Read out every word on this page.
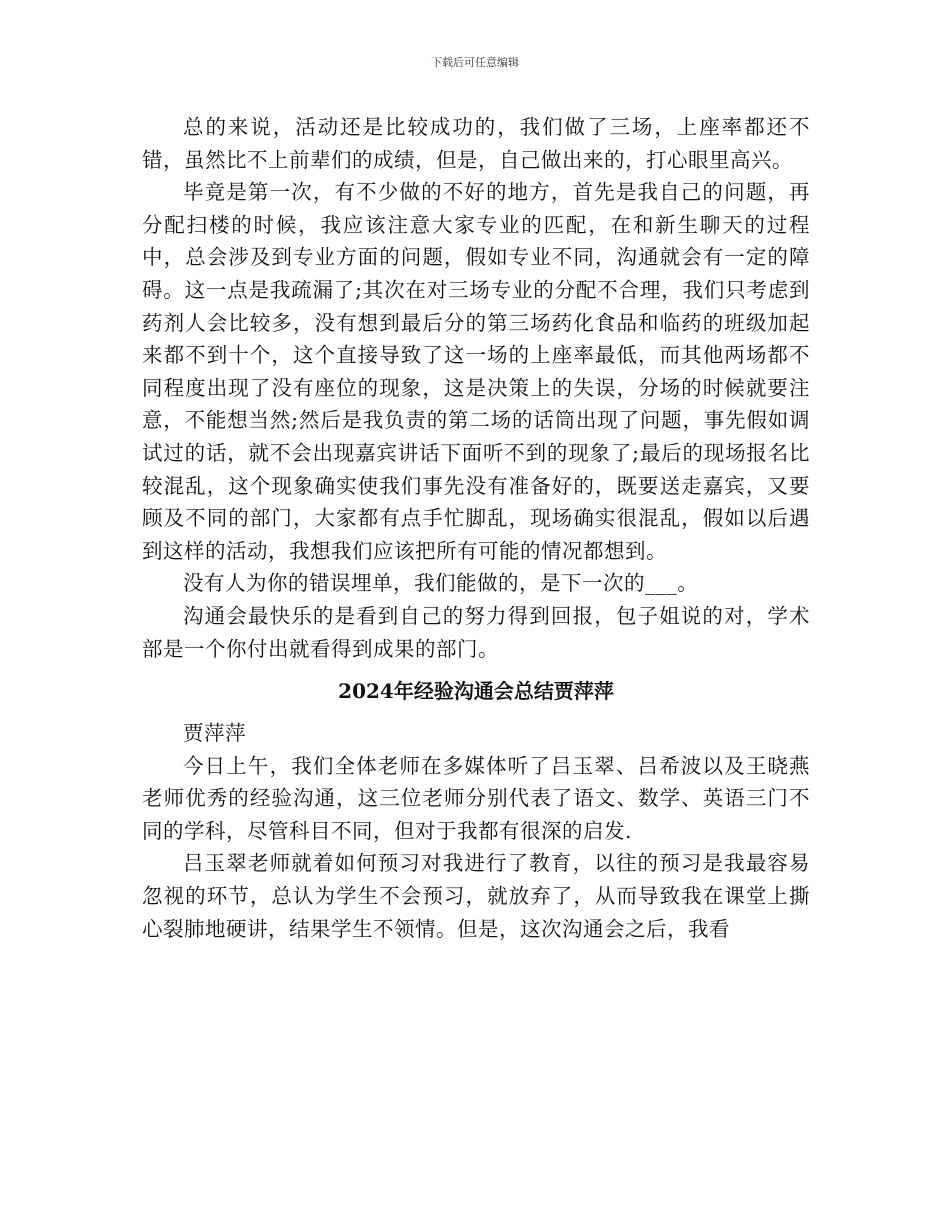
下载后可任意编辑

总的来说，活动还是比较成功的，我们做了三场，上座率都还不错，虽然比不上前辈们的成绩，但是，自己做出来的，打心眼里高兴。

毕竟是第一次，有不少做的不好的地方，首先是我自己的问题，再分配扫楼的时候，我应该注意大家专业的匹配，在和新生聊天的过程中，总会涉及到专业方面的问题，假如专业不同，沟通就会有一定的障碍。这一点是我疏漏了;其次在对三场专业的分配不合理，我们只考虑到药剂人会比较多，没有想到最后分的第三场药化食品和临药的班级加起来都不到十个，这个直接导致了这一场的上座率最低，而其他两场都不同程度出现了没有座位的现象，这是决策上的失误，分场的时候就要注意，不能想当然;然后是我负责的第二场的话筒出现了问题，事先假如调试过的话，就不会出现嘉宾讲话下面听不到的现象了;最后的现场报名比较混乱，这个现象确实使我们事先没有准备好的，既要送走嘉宾，又要顾及不同的部门，大家都有点手忙脚乱，现场确实很混乱，假如以后遇到这样的活动，我想我们应该把所有可能的情况都想到。

没有人为你的错误埋单，我们能做的，是下一次的___。

沟通会最快乐的是看到自己的努力得到回报，包子姐说的对，学术部是一个你付出就看得到成果的部门。

2024年经验沟通会总结贾萍萍

贾萍萍

今日上午，我们全体老师在多媒体听了吕玉翠、吕希波以及王晓燕老师优秀的经验沟通，这三位老师分别代表了语文、数学、英语三门不同的学科，尽管科目不同，但对于我都有很深的启发.

吕玉翠老师就着如何预习对我进行了教育，以往的预习是我最容易忽视的环节，总认为学生不会预习，就放弃了，从而导致我在课堂上撕心裂肺地硬讲，结果学生不领情。但是，这次沟通会之后，我看
